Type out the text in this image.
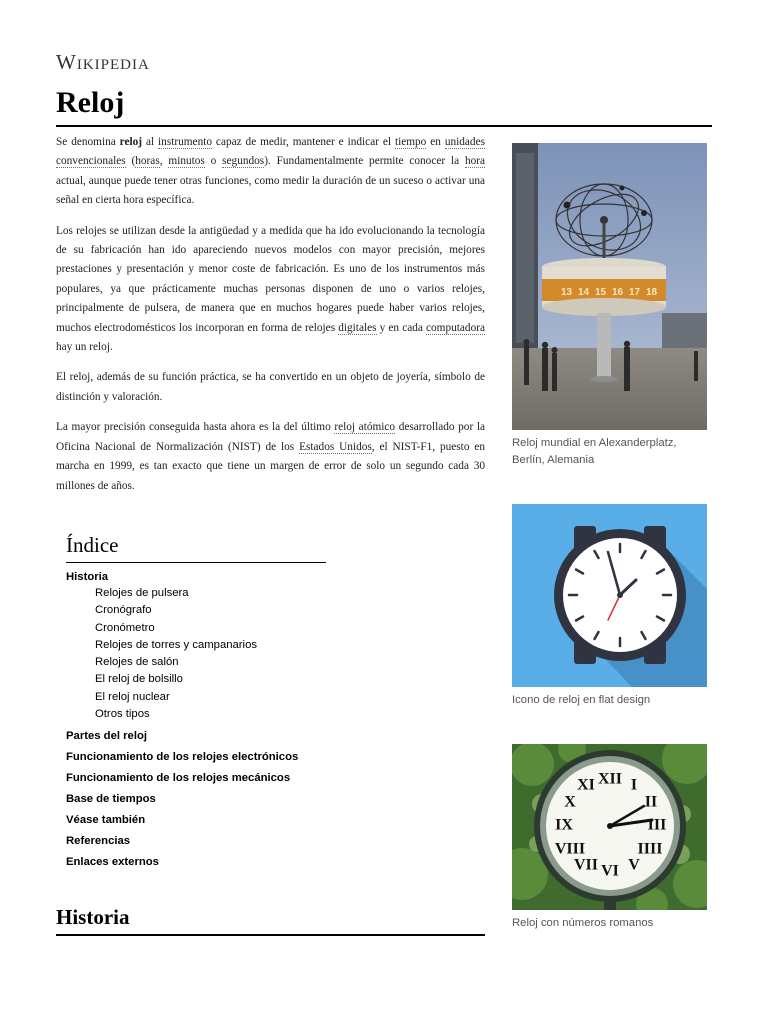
Wikipedia
Reloj

Se denomina reloj al instrumento capaz de medir, mantener e indicar el tiempo en unidades convencionales (horas, minutos o segundos). Fundamentalmente permite conocer la hora actual, aunque puede tener otras funciones, como medir la duración de un suceso o activar una señal en cierta hora específica.

Los relojes se utilizan desde la antigüedad y a medida que ha ido evolucionando la tecnología de su fabricación han ido apareciendo nuevos modelos con mayor precisión, mejores prestaciones y presentación y menor coste de fabricación. Es uno de los instrumentos más populares, ya que prácticamente muchas personas disponen de uno o varios relojes, principalmente de pulsera, de manera que en muchos hogares puede haber varios relojes, muchos electrodomésticos los incorporan en forma de relojes digitales y en cada computadora hay un reloj.

El reloj, además de su función práctica, se ha convertido en un objeto de joyería, símbolo de distinción y valoración.

La mayor precisión conseguida hasta ahora es la del último reloj atómico desarrollado por la Oficina Nacional de Normalización (NIST) de los Estados Unidos, el NIST-F1, puesto en marcha en 1999, es tan exacto que tiene un margen de error de solo un segundo cada 30 millones de años.

Índice
Historia
Relojes de pulsera
Cronógrafo
Cronómetro
Relojes de torres y campanarios
Relojes de salón
El reloj de bolsillo
El reloj nuclear
Otros tipos
Partes del reloj
Funcionamiento de los relojes electrónicos
Funcionamiento de los relojes mecánicos
Base de tiempos
Véase también
Referencias
Enlaces externos
Historia
13 14 15 16 17 18
Reloj mundial en Alexanderplatz, Berlín, Alemania
Icono de reloj en flat design
XII I
II
III
IIII
V
VI
VII
VIII
IX
X
XI
Reloj con números romanos
